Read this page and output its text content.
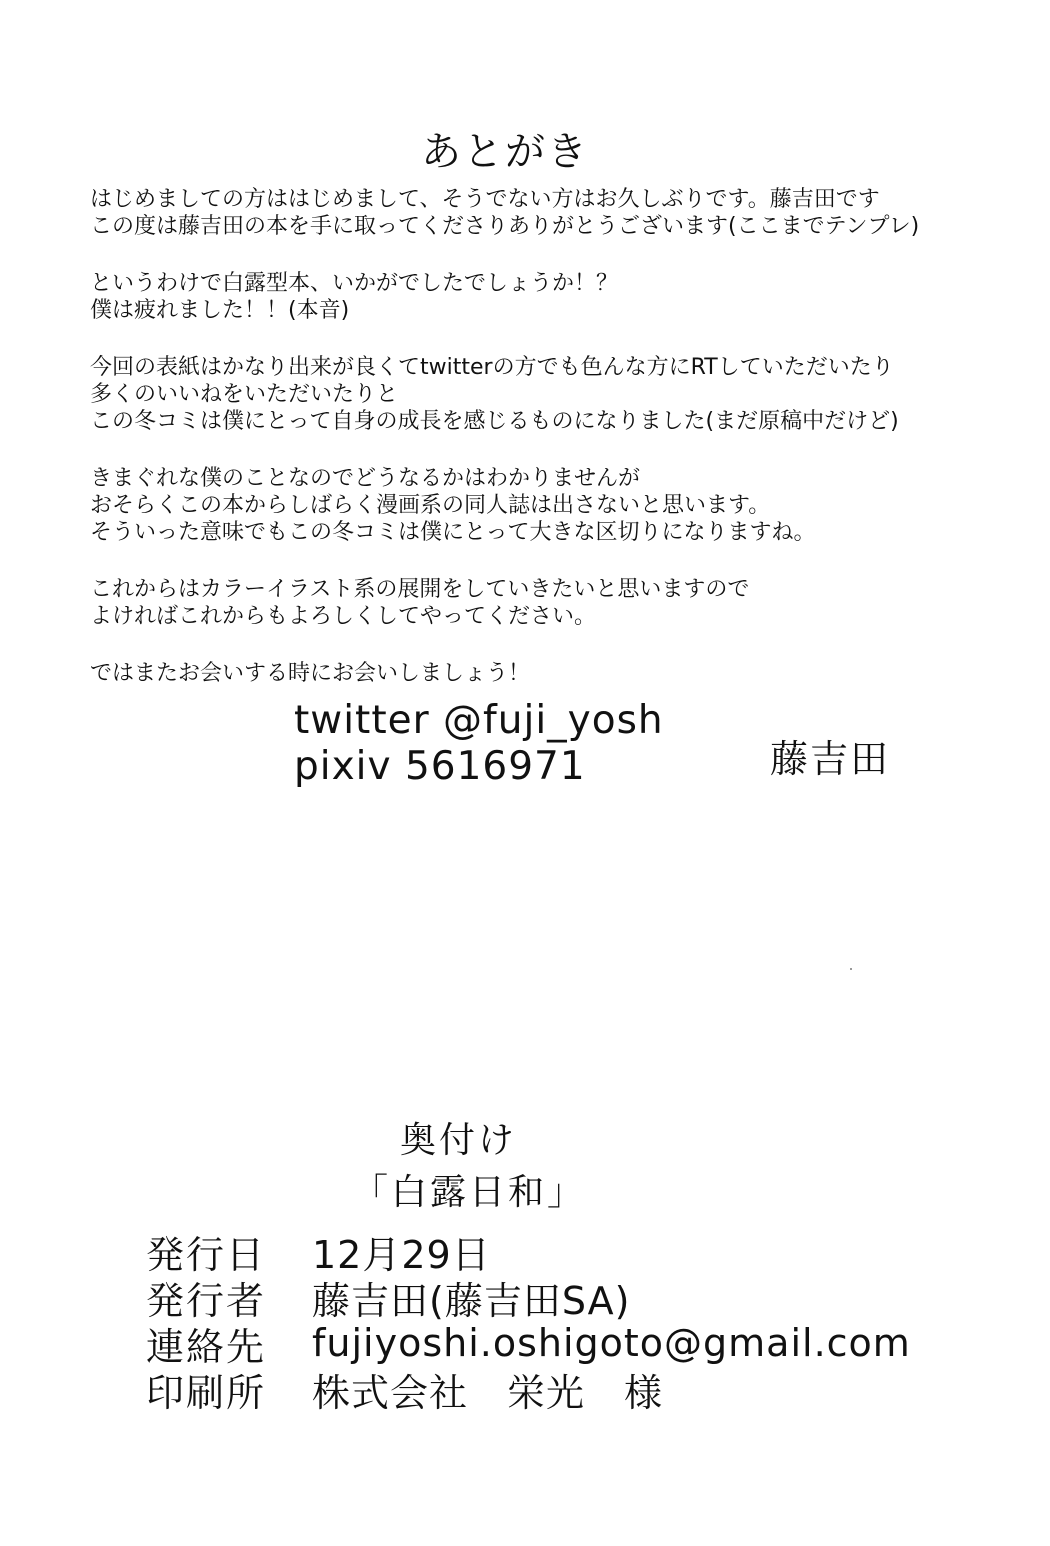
あとがき
はじめましての方ははじめまして、そうでない方はお久しぶりです。藤吉田です
この度は藤吉田の本を手に取ってくださりありがとうございます(ここまでテンプレ)
というわけで白露型本、いかがでしたでしょうか！？
僕は疲れました！！(本音)
今回の表紙はかなり出来が良くてtwitterの方でも色んな方にRTしていただいたり
多くのいいねをいただいたりと
この冬コミは僕にとって自身の成長を感じるものになりました(まだ原稿中だけど)
きまぐれな僕のことなのでどうなるかはわかりませんが
おそらくこの本からしばらく漫画系の同人誌は出さないと思います。
そういった意味でもこの冬コミは僕にとって大きな区切りになりますね。
これからはカラーイラスト系の展開をしていきたいと思いますので
よければこれからもよろしくしてやってください。
ではまたお会いする時にお会いしましょう！
twitter @fuji_yosh
pixiv 5616971	藤吉田
奥付け
「白露日和」
発行日	12月29日
発行者	藤吉田(藤吉田SA)
連絡先	fujiyoshi.oshigoto@gmail.com
印刷所	株式会社　栄光　様
